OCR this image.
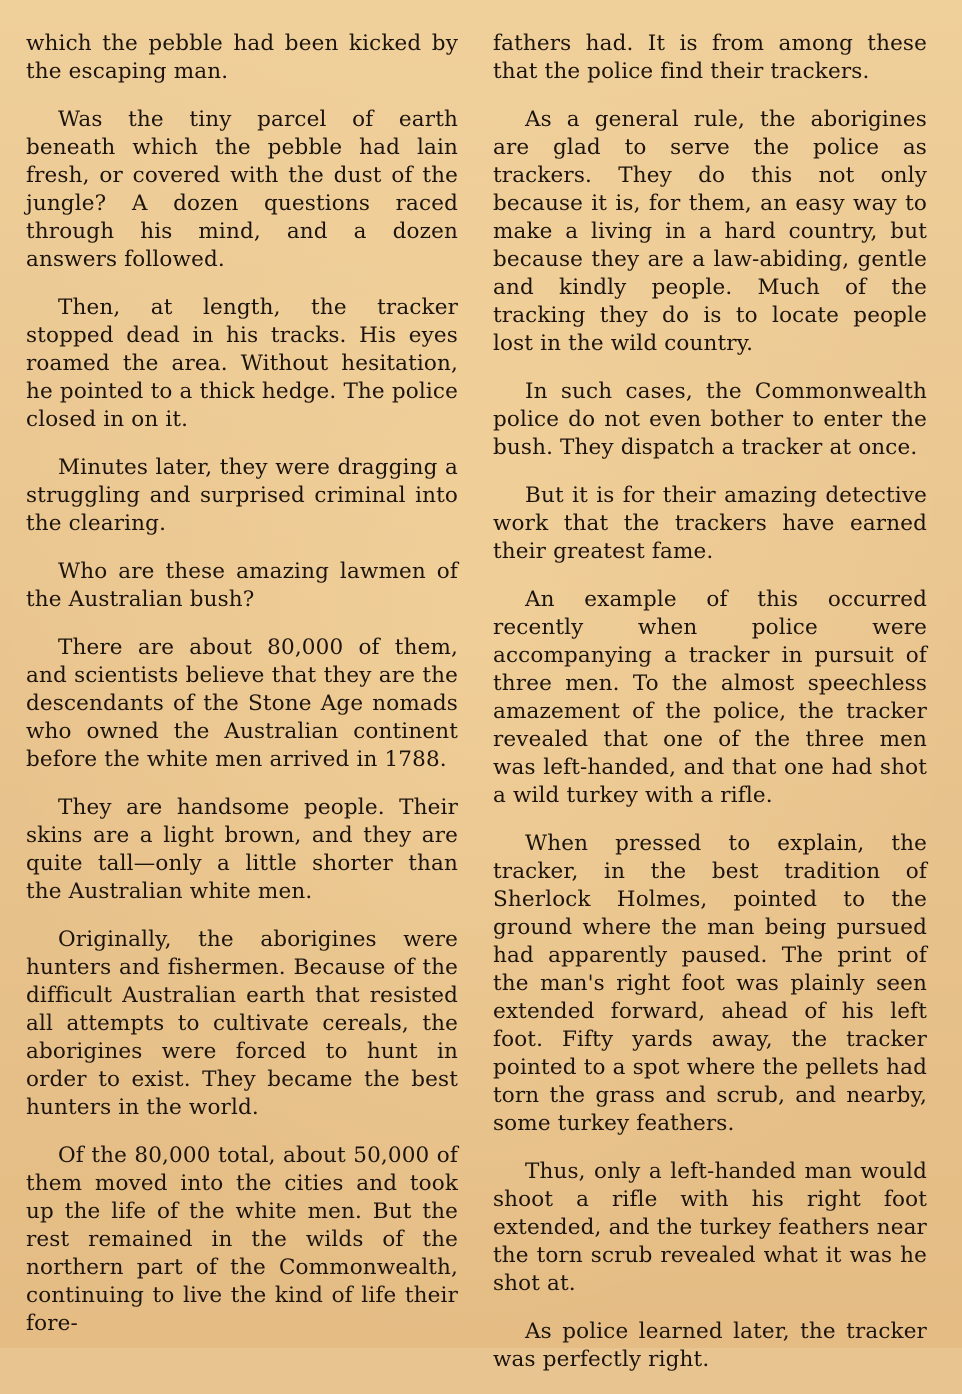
which the pebble had been kicked by the escaping man.

Was the tiny parcel of earth beneath which the pebble had lain fresh, or covered with the dust of the jungle? A dozen questions raced through his mind, and a dozen answers followed.

Then, at length, the tracker stopped dead in his tracks. His eyes roamed the area. Without hesitation, he pointed to a thick hedge. The police closed in on it.

Minutes later, they were dragging a struggling and surprised criminal into the clearing.

Who are these amazing lawmen of the Australian bush?

There are about 80,000 of them, and scientists believe that they are the descendants of the Stone Age nomads who owned the Australian continent before the white men arrived in 1788.

They are handsome people. Their skins are a light brown, and they are quite tall—only a little shorter than the Australian white men.

Originally, the aborigines were hunters and fishermen. Because of the difficult Australian earth that resisted all attempts to cultivate cereals, the aborigines were forced to hunt in order to exist. They became the best hunters in the world.

Of the 80,000 total, about 50,000 of them moved into the cities and took up the life of the white men. But the rest remained in the wilds of the northern part of the Commonwealth, continuing to live the kind of life their fore-

fathers had. It is from among these that the police find their trackers.

As a general rule, the aborigines are glad to serve the police as trackers. They do this not only because it is, for them, an easy way to make a living in a hard country, but because they are a law-abiding, gentle and kindly people. Much of the tracking they do is to locate people lost in the wild country.

In such cases, the Commonwealth police do not even bother to enter the bush. They dispatch a tracker at once.

But it is for their amazing detective work that the trackers have earned their greatest fame.

An example of this occurred recently when police were accompanying a tracker in pursuit of three men. To the almost speechless amazement of the police, the tracker revealed that one of the three men was left-handed, and that one had shot a wild turkey with a rifle.

When pressed to explain, the tracker, in the best tradition of Sherlock Holmes, pointed to the ground where the man being pursued had apparently paused. The print of the man's right foot was plainly seen extended forward, ahead of his left foot. Fifty yards away, the tracker pointed to a spot where the pellets had torn the grass and scrub, and nearby, some turkey feathers.

Thus, only a left-handed man would shoot a rifle with his right foot extended, and the turkey feathers near the torn scrub revealed what it was he shot at.

As police learned later, the tracker was perfectly right.
